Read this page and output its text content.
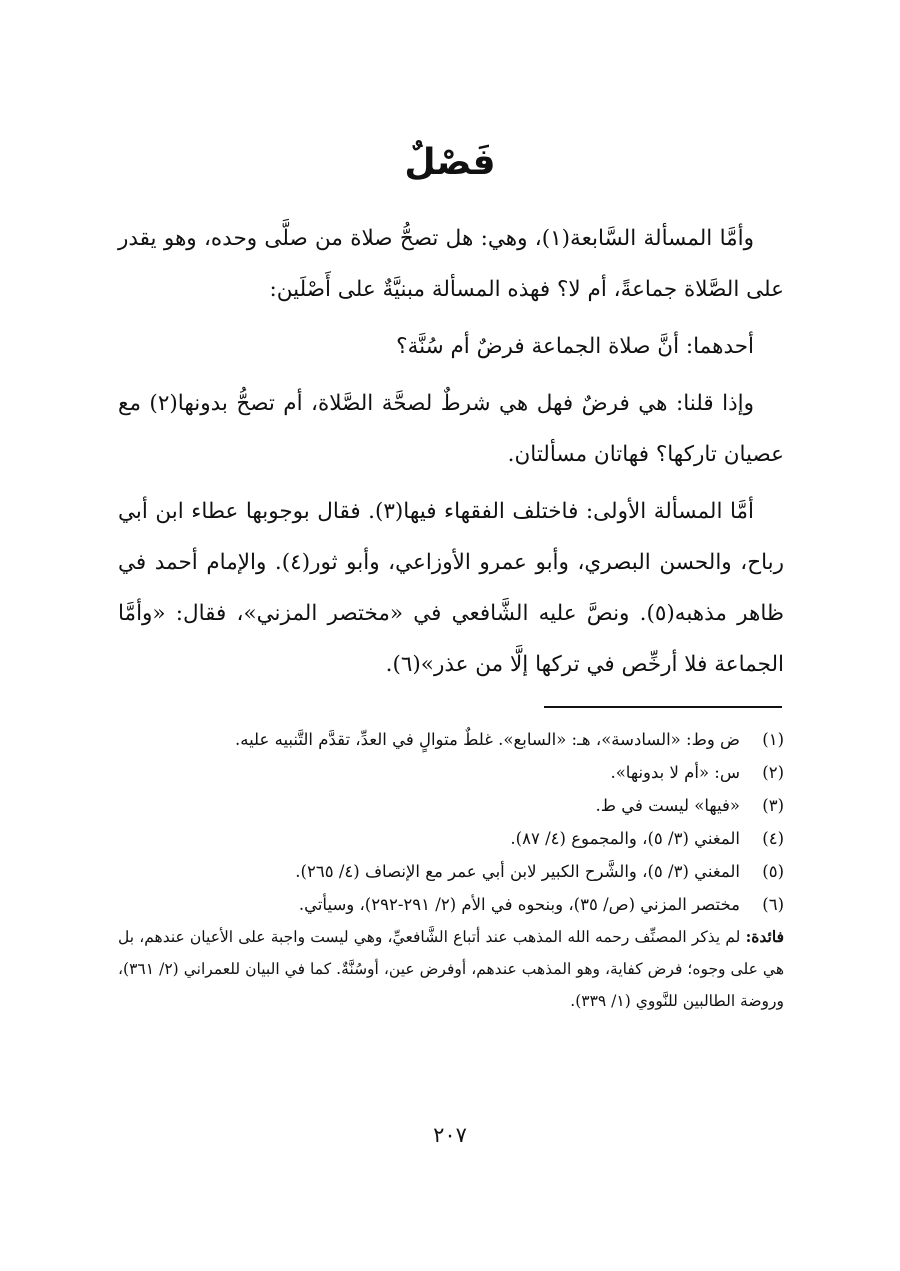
فَصْلٌ

وأمَّا المسألة السَّابعة(١)، وهي: هل تصحُّ صلاة من صلَّى وحده، وهو يقدر على الصَّلاة جماعةً، أم لا؟ فهذه المسألة مبنيَّةٌ على أَصْلَين:

أحدهما: أنَّ صلاة الجماعة فرضٌ أم سُنَّة؟

وإذا قلنا: هي فرضٌ فهل هي شرطٌ لصحَّة الصَّلاة، أم تصحُّ بدونها(٢) مع عصيان تاركها؟ فهاتان مسألتان.

أمَّا المسألة الأولى: فاختلف الفقهاء فيها(٣). فقال بوجوبها عطاء ابن أبي رباح، والحسن البصري، وأبو عمرو الأوزاعي، وأبو ثور(٤). والإمام أحمد في ظاهر مذهبه(٥). ونصَّ عليه الشَّافعي في «مختصر المزني»، فقال: «وأمَّا الجماعة فلا أرخِّص في تركها إلَّا من عذر»(٦).

(١)
ض وط: «السادسة»، هـ: «السابع». غلطٌ متوالٍ في العدِّ، تقدَّم التَّنبيه عليه.
(٢)
س: «أم لا بدونها».
(٣)
«فيها» ليست في ط.
(٤)
المغني (٣/ ٥)، والمجموع (٤/ ٨٧).
(٥)
المغني (٣/ ٥)، والشَّرح الكبير لابن أبي عمر مع الإنصاف (٤/ ٢٦٥).
(٦)
مختصر المزني (ص/ ٣٥)، وبنحوه في الأم (٢/ ٢٩١-٢٩٢)، وسيأتي.
فائدة: لم يذكر المصنِّف رحمه الله المذهب عند أتباع الشَّافعيِّ، وهي ليست واجبة على الأعيان عندهم، بل هي على وجوه؛ فرض كفاية، وهو المذهب عندهم، أوفرض عين، أوسُنَّةٌ. كما في البيان للعمراني (٢/ ٣٦١)، وروضة الطالبين للنَّووي (١/ ٣٣٩).
٢٠٧
